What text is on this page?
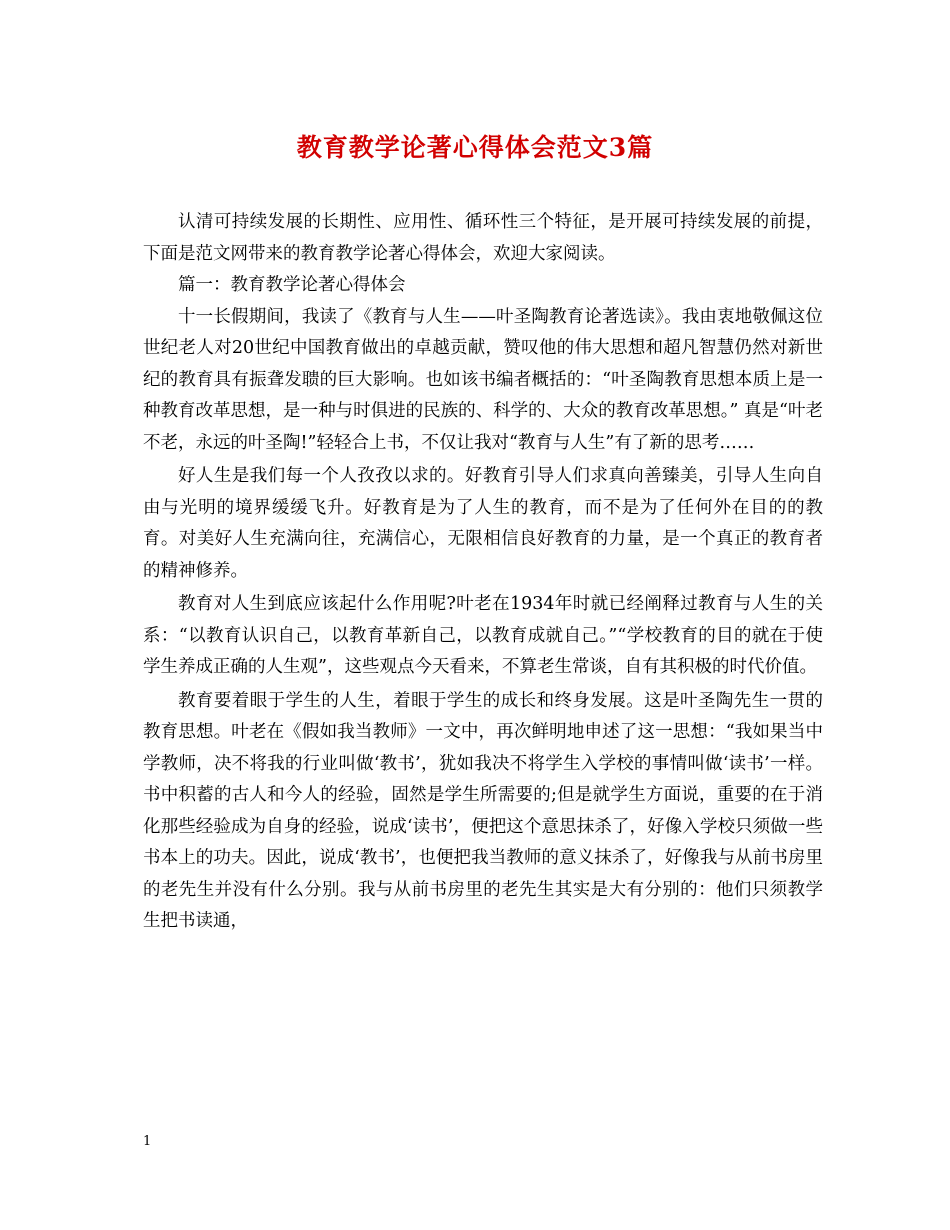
教育教学论著心得体会范文3篇

认清可持续发展的长期性、应用性、循环性三个特征，是开展可持续发展的前提，下面是范文网带来的教育教学论著心得体会，欢迎大家阅读。

篇一：教育教学论著心得体会

十一长假期间，我读了《教育与人生——叶圣陶教育论著选读》。我由衷地敬佩这位世纪老人对20世纪中国教育做出的卓越贡献，赞叹他的伟大思想和超凡智慧仍然对新世纪的教育具有振聋发聩的巨大影响。也如该书编者概括的：“叶圣陶教育思想本质上是一种教育改革思想，是一种与时俱进的民族的、科学的、大众的教育改革思想。” 真是“叶老不老，永远的叶圣陶!”轻轻合上书，不仅让我对“教育与人生”有了新的思考……

好人生是我们每一个人孜孜以求的。好教育引导人们求真向善臻美，引导人生向自由与光明的境界缓缓飞升。好教育是为了人生的教育，而不是为了任何外在目的的教育。对美好人生充满向往，充满信心，无限相信良好教育的力量，是一个真正的教育者的精神修养。

教育对人生到底应该起什么作用呢?叶老在1934年时就已经阐释过教育与人生的关系：“以教育认识自己，以教育革新自己，以教育成就自己。”“学校教育的目的就在于使学生养成正确的人生观”，这些观点今天看来，不算老生常谈，自有其积极的时代价值。

教育要着眼于学生的人生，着眼于学生的成长和终身发展。这是叶圣陶先生一贯的教育思想。叶老在《假如我当教师》一文中，再次鲜明地申述了这一思想：“我如果当中学教师，决不将我的行业叫做‘教书’，犹如我决不将学生入学校的事情叫做‘读书’一样。书中积蓄的古人和今人的经验，固然是学生所需要的;但是就学生方面说，重要的在于消化那些经验成为自身的经验，说成‘读书’，便把这个意思抹杀了，好像入学校只须做一些书本上的功夫。因此，说成‘教书’，也便把我当教师的意义抹杀了，好像我与从前书房里的老先生并没有什么分别。我与从前书房里的老先生其实是大有分别的：他们只须教学生把书读通，

1
